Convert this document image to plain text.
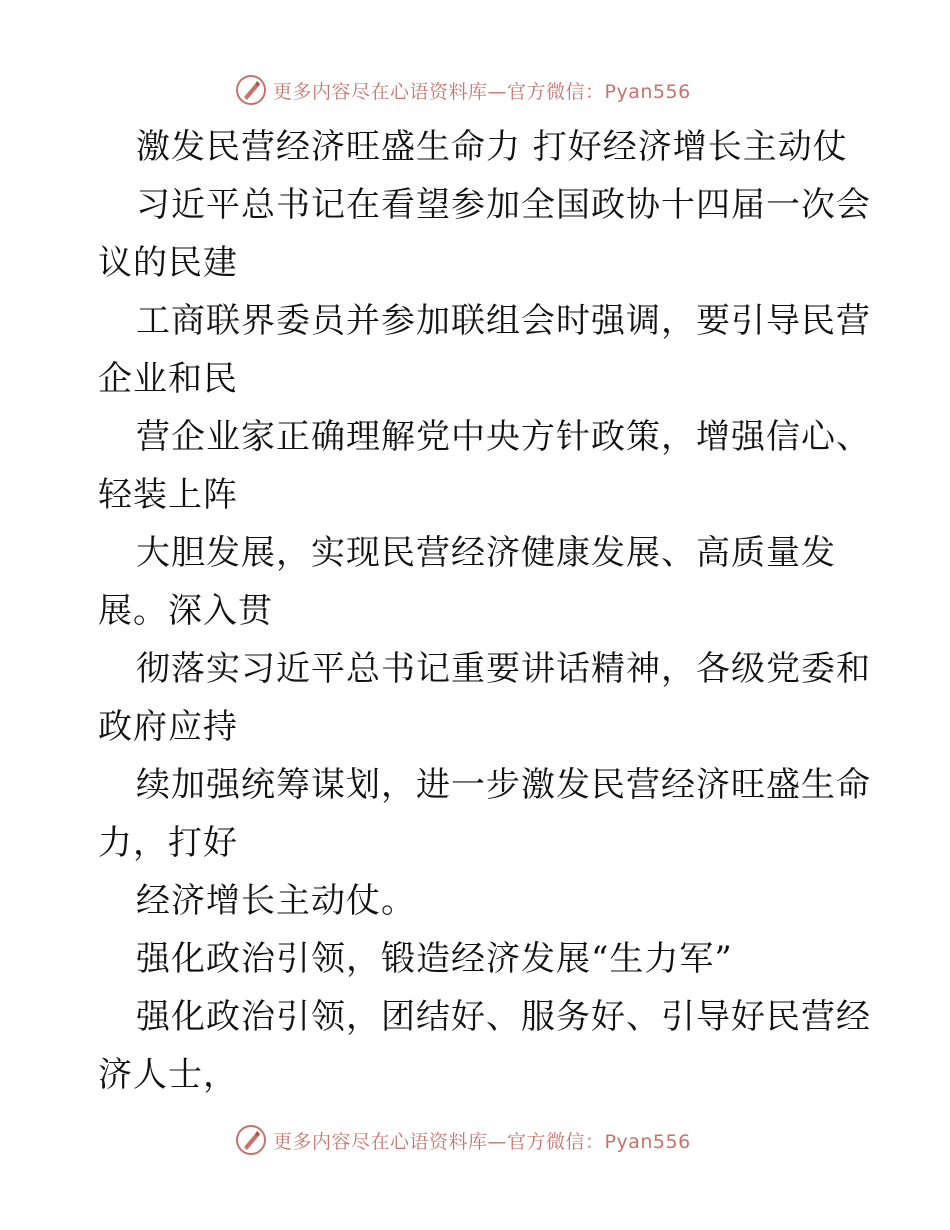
更多内容尽在心语资料库—官方微信：Pyan556
激发民营经济旺盛生命力 打好经济增长主动仗
习近平总书记在看望参加全国政协十四届一次会
议的民建
工商联界委员并参加联组会时强调，要引导民营
企业和民
营企业家正确理解党中央方针政策，增强信心、
轻装上阵
大胆发展，实现民营经济健康发展、高质量发
展。深入贯
彻落实习近平总书记重要讲话精神，各级党委和
政府应持
续加强统筹谋划，进一步激发民营经济旺盛生命
力，打好
经济增长主动仗。
强化政治引领，锻造经济发展“生力军”
强化政治引领，团结好、服务好、引导好民营经
济人士，
更多内容尽在心语资料库—官方微信：Pyan556
